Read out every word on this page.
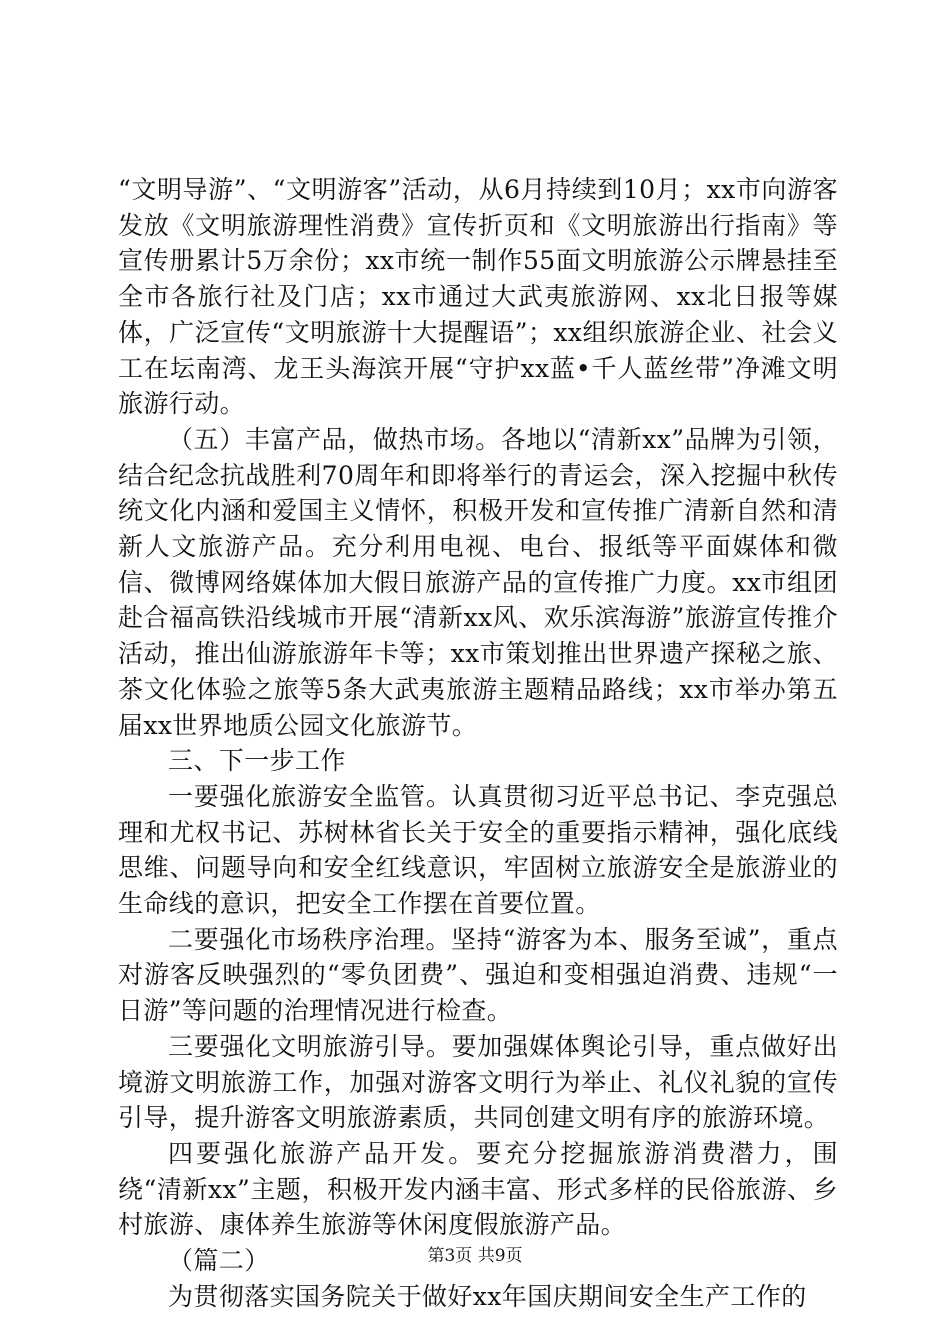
“文明导游”、“文明游客”活动，从6月持续到10月；xx市向游客发放《文明旅游理性消费》宣传折页和《文明旅游出行指南》等宣传册累计5万余份；xx市统一制作55面文明旅游公示牌悬挂至全市各旅行社及门店；xx市通过大武夷旅游网、xx北日报等媒体，广泛宣传“文明旅游十大提醒语”；xx组织旅游企业、社会义工在坛南湾、龙王头海滨开展“守护xx蓝•千人蓝丝带”净滩文明旅游行动。

（五）丰富产品，做热市场。各地以“清新xx”品牌为引领，结合纪念抗战胜利70周年和即将举行的青运会，深入挖掘中秋传统文化内涵和爱国主义情怀，积极开发和宣传推广清新自然和清新人文旅游产品。充分利用电视、电台、报纸等平面媒体和微信、微博网络媒体加大假日旅游产品的宣传推广力度。xx市组团赴合福高铁沿线城市开展“清新xx风、欢乐滨海游”旅游宣传推介活动，推出仙游旅游年卡等；xx市策划推出世界遗产探秘之旅、茶文化体验之旅等5条大武夷旅游主题精品路线；xx市举办第五届xx世界地质公园文化旅游节。

三、下一步工作

一要强化旅游安全监管。认真贯彻习近平总书记、李克强总理和尤权书记、苏树林省长关于安全的重要指示精神，强化底线思维、问题导向和安全红线意识，牢固树立旅游安全是旅游业的生命线的意识，把安全工作摆在首要位置。

二要强化市场秩序治理。坚持“游客为本、服务至诚”，重点对游客反映强烈的“零负团费”、强迫和变相强迫消费、违规“一日游”等问题的治理情况进行检查。

三要强化文明旅游引导。要加强媒体舆论引导，重点做好出境游文明旅游工作，加强对游客文明行为举止、礼仪礼貌的宣传引导，提升游客文明旅游素质，共同创建文明有序的旅游环境。

四要强化旅游产品开发。要充分挖掘旅游消费潜力，围绕“清新xx”主题，积极开发内涵丰富、形式多样的民俗旅游、乡村旅游、康体养生旅游等休闲度假旅游产品。

（篇二）

为贯彻落实国务院关于做好xx年国庆期间安全生产工作的

第3页 共9页
